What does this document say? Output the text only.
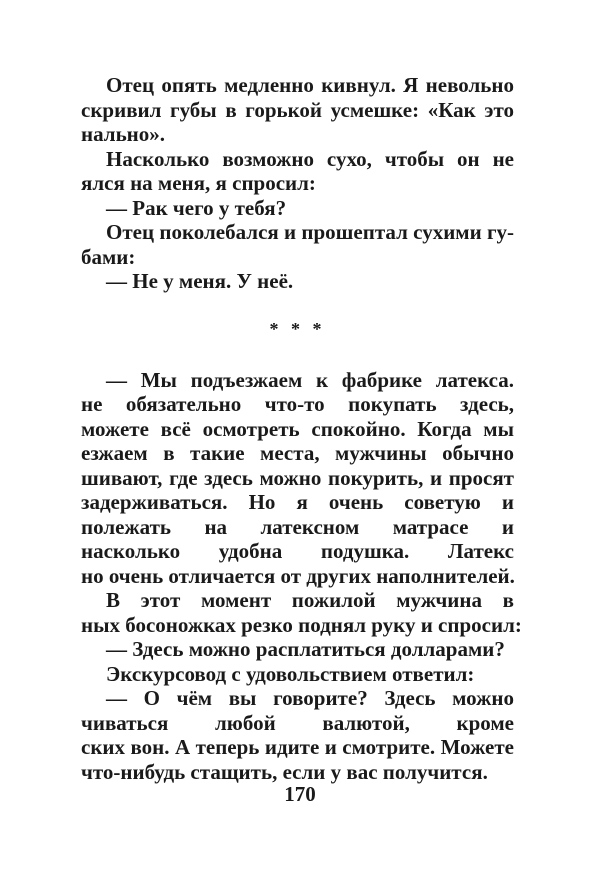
Отец опять медленно кивнул. Я невольно
скривил губы в горькой усмешке: «Как это
нально».
Насколько возможно сухо, чтобы он не
ялся на меня, я спросил:
— Рак чего у тебя?
Отец поколебался и прошептал сухими гу-
бами:
— Не у меня. У неё.
* * *
— Мы подъезжаем к фабрике латекса.
не обязательно что-то покупать здесь,
можете всё осмотреть спокойно. Когда мы
езжаем в такие места, мужчины обычно
шивают, где здесь можно покурить, и просят
задерживаться. Но я очень советую и
полежать на латексном матрасе и
насколько удобна подушка. Латекс
но очень отличается от других наполнителей.
В этот момент пожилой мужчина в
ных босоножках резко поднял руку и спросил:
— Здесь можно расплатиться долларами?
Экскурсовод с удовольствием ответил:
— О чём вы говорите? Здесь можно
чиваться любой валютой, кроме
ских вон. А теперь идите и смотрите. Можете
что-нибудь стащить, если у вас получится.
170
